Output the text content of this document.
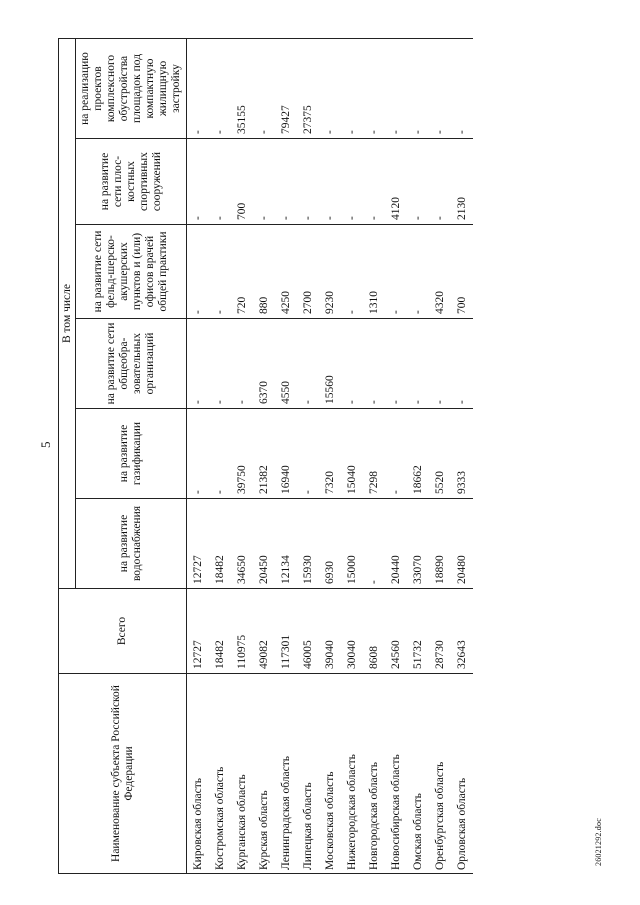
5
26021292.doc
Наименование субъекта Российской Федерации	Всего	В том числе					
		на развитие водоснабжения	на развитие газификации	на развитие сети общеобра-зовательных организаций	на развитие сети фельд-шерско-акушерских пунктов и (или) офисов врачей общей практики	на развитие сети плос-костных спортивных сооружений	на реализацию проектов комплексного обустройства площадок под компактную жилищную застройку
Кировская область	12727	12727	-	-	-	-	-
Костромская область	18482	18482	-	-	-	-	-
Курганская область	110975	34650	39750	-	720	700	35155
Курская область	49082	20450	21382	6370	880	-	-
Ленинградская область	117301	12134	16940	4550	4250	-	79427
Липецкая область	46005	15930	-	-	2700	-	27375
Московская область	39040	6930	7320	15560	9230	-	-
Нижегородская область	30040	15000	15040	-	-	-	-
Новгородская область	8608	-	7298	-	1310	-	-
Новосибирская область	24560	20440	-	-	-	4120	-
Омская область	51732	33070	18662	-	-	-	-
Оренбургская область	28730	18890	5520	-	4320	-	-
Орловская область	32643	20480	9333	-	700	2130	-
